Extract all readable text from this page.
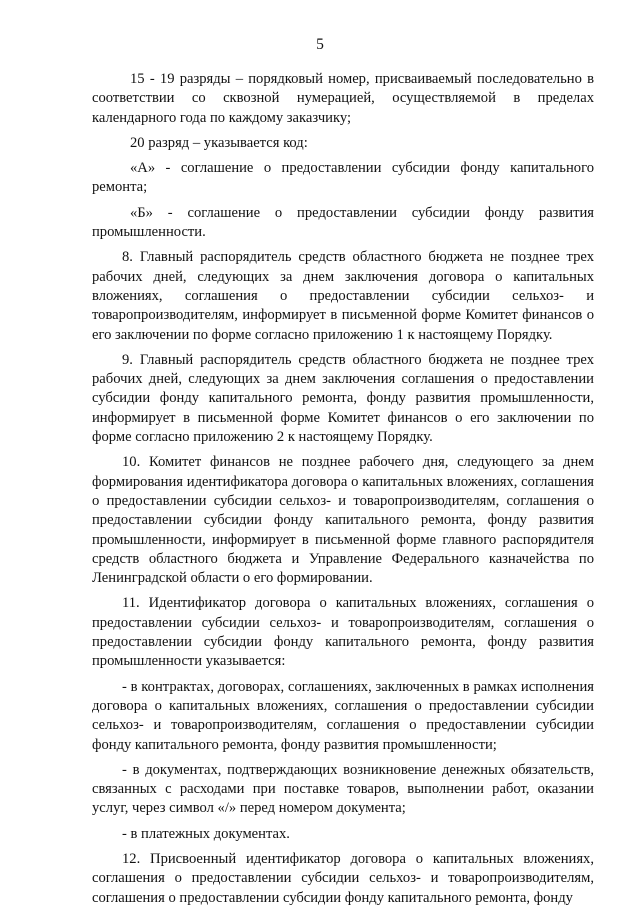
5

15 - 19 разряды – порядковый номер, присваиваемый последовательно в соответствии со сквозной нумерацией, осуществляемой в пределах календарного года по каждому заказчику;

20 разряд – указывается код:

«А» - соглашение о предоставлении субсидии фонду капитального ремонта;

«Б» - соглашение о предоставлении субсидии фонду развития промышленности.

8. Главный распорядитель средств областного бюджета не позднее трех рабочих дней, следующих за днем заключения договора о капитальных вложениях, соглашения о предоставлении субсидии сельхоз- и товаропроизводителям, информирует в письменной форме Комитет финансов о его заключении по форме согласно приложению 1 к настоящему Порядку.

9. Главный распорядитель средств областного бюджета не позднее трех рабочих дней, следующих за днем заключения соглашения о предоставлении субсидии фонду капитального ремонта, фонду развития промышленности, информирует в письменной форме Комитет финансов о его заключении по форме согласно приложению 2 к настоящему Порядку.

10. Комитет финансов не позднее рабочего дня, следующего за днем формирования идентификатора договора о капитальных вложениях, соглашения о предоставлении субсидии сельхоз- и товаропроизводителям, соглашения о предоставлении субсидии фонду капитального ремонта, фонду развития промышленности, информирует в письменной форме главного распорядителя средств областного бюджета и Управление Федерального казначейства по Ленинградской области о его формировании.

11. Идентификатор договора о капитальных вложениях, соглашения о предоставлении субсидии сельхоз- и товаропроизводителям, соглашения о предоставлении субсидии фонду капитального ремонта, фонду развития промышленности указывается:

- в контрактах, договорах, соглашениях, заключенных в рамках исполнения договора о капитальных вложениях, соглашения о предоставлении субсидии сельхоз- и товаропроизводителям, соглашения о предоставлении субсидии фонду капитального ремонта, фонду развития промышленности;

- в документах, подтверждающих возникновение денежных обязательств, связанных с расходами при поставке товаров, выполнении работ, оказании услуг, через символ «/» перед номером документа;

- в платежных документах.

12. Присвоенный идентификатор договора о капитальных вложениях, соглашения о предоставлении субсидии сельхоз- и товаропроизводителям, соглашения о предоставлении субсидии фонду капитального ремонта, фонду
